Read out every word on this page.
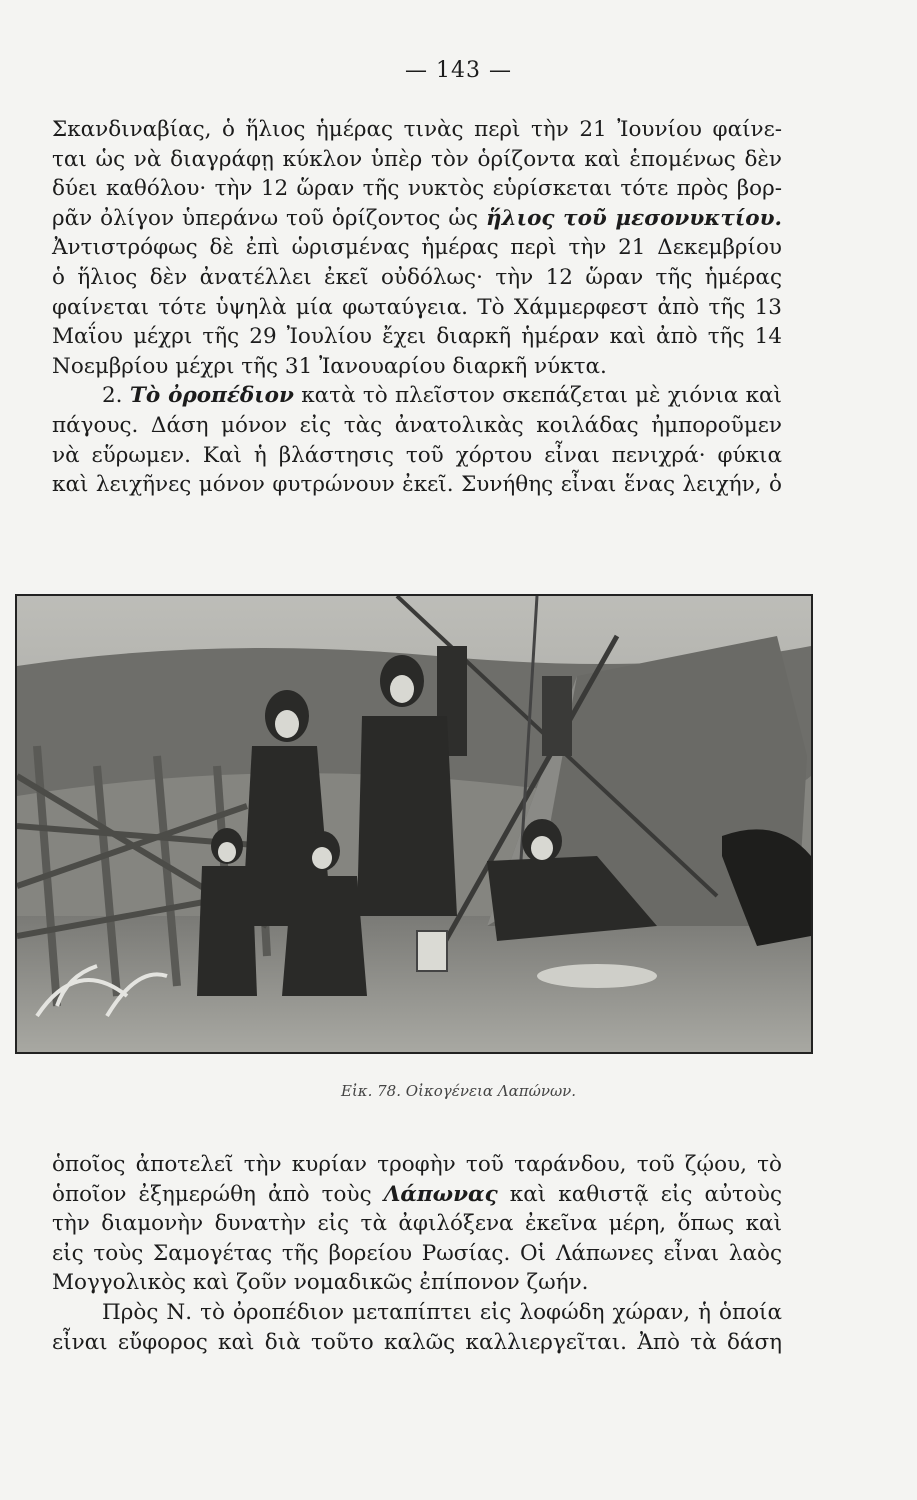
— 143 —
Σκανδιναβίας, ὁ ἥλιος ἡμέρας τινὰς περὶ τὴν 21 Ἰουνίου φαίνε-
ται ὡς νὰ διαγράφῃ κύκλον ὑπὲρ τὸν ὁρίζοντα καὶ ἑπομένως δὲν
δύει καθόλου· τὴν 12 ὥραν τῆς νυκτὸς εὑρίσκεται τότε πρὸς βορ-
ρᾶν ὀλίγον ὑπεράνω τοῦ ὁρίζοντος ὡς ἥλιος τοῦ μεσονυκτίου.
Ἀντιστρόφως δὲ ἐπὶ ὡρισμένας ἡμέρας περὶ τὴν 21 Δεκεμβρίου
ὁ ἥλιος δὲν ἀνατέλλει ἐκεῖ οὐδόλως· τὴν 12 ὥραν τῆς ἡμέρας
φαίνεται τότε ὑψηλὰ μία φωταύγεια. Τὸ Χάμμερφεστ ἀπὸ τῆς 13
Μαΐου μέχρι τῆς 29 Ἰουλίου ἔχει διαρκῆ ἡμέραν καὶ ἀπὸ τῆς 14
Νοεμβρίου μέχρι τῆς 31 Ἰανουαρίου διαρκῆ νύκτα.
2. Τὸ ὀροπέδιον κατὰ τὸ πλεῖστον σκεπάζεται μὲ χιόνια καὶ
πάγους. Δάση μόνον εἰς τὰς ἀνατολικὰς κοιλάδας ἠμποροῦμεν
νὰ εὕρωμεν. Καὶ ἡ βλάστησις τοῦ χόρτου εἶναι πενιχρά· φύκια
καὶ λειχῆνες μόνον φυτρώνουν ἐκεῖ. Συνήθης εἶναι ἕνας λειχήν, ὁ
Εἰκ. 78. Οἰκογένεια Λαπώνων.
ὁποῖος ἀποτελεῖ τὴν κυρίαν τροφὴν τοῦ ταράνδου, τοῦ ζῴου, τὸ
ὁποῖον ἐξημερώθη ἀπὸ τοὺς Λάπωνας καὶ καθιστᾷ εἰς αὐτοὺς
τὴν διαμονὴν δυνατὴν εἰς τὰ ἀφιλόξενα ἐκεῖνα μέρη, ὅπως καὶ
εἰς τοὺς Σαμογέτας τῆς βορείου Ρωσίας. Οἱ Λάπωνες εἶναι λαὸς
Μογγολικὸς καὶ ζοῦν νομαδικῶς ἐπίπονον ζωήν.
Πρὸς Ν. τὸ ὀροπέδιον μεταπίπτει εἰς λοφώδη χώραν, ἡ ὁποία
εἶναι εὔφορος καὶ διὰ τοῦτο καλῶς καλλιεργεῖται. Ἀπὸ τὰ δάση
